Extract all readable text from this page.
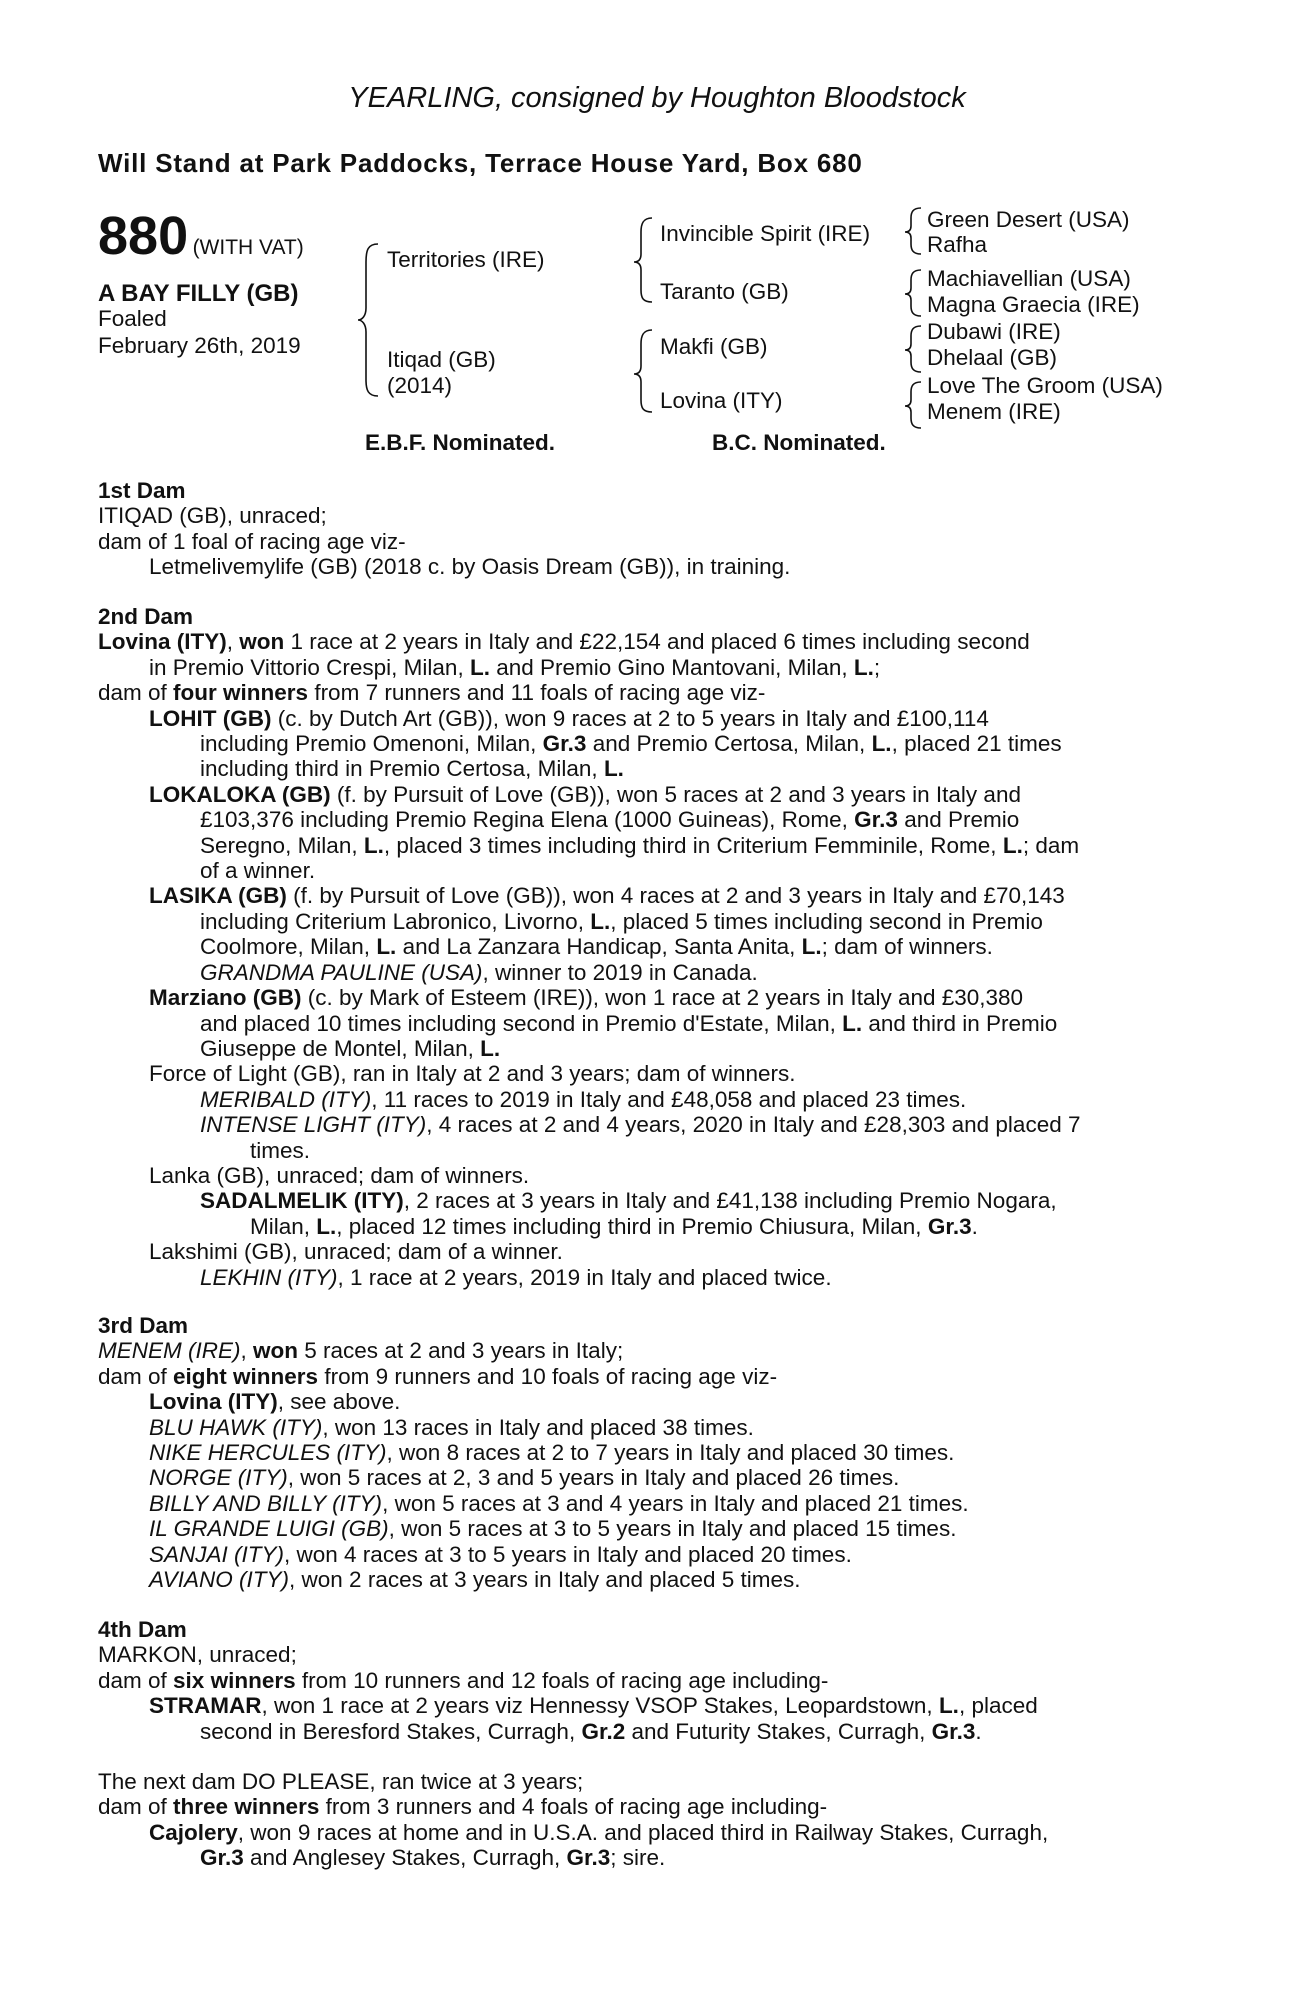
YEARLING, consigned by Houghton Bloodstock
Will Stand at Park Paddocks, Terrace House Yard, Box 680
880 (WITH VAT)
A BAY FILLY (GB)
Foaled
February 26th, 2019
Territories (IRE)
Itiqad (GB)
(2014)
Invincible Spirit (IRE)
Taranto (GB)
Makfi (GB)
Lovina (ITY)
Green Desert (USA)
Rafha
Machiavellian (USA)
Magna Graecia (IRE)
Dubawi (IRE)
Dhelaal (GB)
Love The Groom (USA)
Menem (IRE)
E.B.F. Nominated.	B.C. Nominated.
1st Dam
ITIQAD (GB), unraced;
dam of 1 foal of racing age viz-
Letmelivemylife (GB) (2018 c. by Oasis Dream (GB)), in training.
2nd Dam
Lovina (ITY), won 1 race at 2 years in Italy and £22,154 and placed 6 times including second
in Premio Vittorio Crespi, Milan, L. and Premio Gino Mantovani, Milan, L.;
dam of four winners from 7 runners and 11 foals of racing age viz-
LOHIT (GB) (c. by Dutch Art (GB)), won 9 races at 2 to 5 years in Italy and £100,114
including Premio Omenoni, Milan, Gr.3 and Premio Certosa, Milan, L., placed 21 times
including third in Premio Certosa, Milan, L.
LOKALOKA (GB) (f. by Pursuit of Love (GB)), won 5 races at 2 and 3 years in Italy and
£103,376 including Premio Regina Elena (1000 Guineas), Rome, Gr.3 and Premio
Seregno, Milan, L., placed 3 times including third in Criterium Femminile, Rome, L.; dam
of a winner.
LASIKA (GB) (f. by Pursuit of Love (GB)), won 4 races at 2 and 3 years in Italy and £70,143
including Criterium Labronico, Livorno, L., placed 5 times including second in Premio
Coolmore, Milan, L. and La Zanzara Handicap, Santa Anita, L.; dam of winners.
GRANDMA PAULINE (USA), winner to 2019 in Canada.
Marziano (GB) (c. by Mark of Esteem (IRE)), won 1 race at 2 years in Italy and £30,380
and placed 10 times including second in Premio d'Estate, Milan, L. and third in Premio
Giuseppe de Montel, Milan, L.
Force of Light (GB), ran in Italy at 2 and 3 years; dam of winners.
MERIBALD (ITY), 11 races to 2019 in Italy and £48,058 and placed 23 times.
INTENSE LIGHT (ITY), 4 races at 2 and 4 years, 2020 in Italy and £28,303 and placed 7
times.
Lanka (GB), unraced; dam of winners.
SADALMELIK (ITY), 2 races at 3 years in Italy and £41,138 including Premio Nogara,
Milan, L., placed 12 times including third in Premio Chiusura, Milan, Gr.3.
Lakshimi (GB), unraced; dam of a winner.
LEKHIN (ITY), 1 race at 2 years, 2019 in Italy and placed twice.
3rd Dam
MENEM (IRE), won 5 races at 2 and 3 years in Italy;
dam of eight winners from 9 runners and 10 foals of racing age viz-
Lovina (ITY), see above.
BLU HAWK (ITY), won 13 races in Italy and placed 38 times.
NIKE HERCULES (ITY), won 8 races at 2 to 7 years in Italy and placed 30 times.
NORGE (ITY), won 5 races at 2, 3 and 5 years in Italy and placed 26 times.
BILLY AND BILLY (ITY), won 5 races at 3 and 4 years in Italy and placed 21 times.
IL GRANDE LUIGI (GB), won 5 races at 3 to 5 years in Italy and placed 15 times.
SANJAI (ITY), won 4 races at 3 to 5 years in Italy and placed 20 times.
AVIANO (ITY), won 2 races at 3 years in Italy and placed 5 times.
4th Dam
MARKON, unraced;
dam of six winners from 10 runners and 12 foals of racing age including-
STRAMAR, won 1 race at 2 years viz Hennessy VSOP Stakes, Leopardstown, L., placed
second in Beresford Stakes, Curragh, Gr.2 and Futurity Stakes, Curragh, Gr.3.
The next dam DO PLEASE, ran twice at 3 years;
dam of three winners from 3 runners and 4 foals of racing age including-
Cajolery, won 9 races at home and in U.S.A. and placed third in Railway Stakes, Curragh,
Gr.3 and Anglesey Stakes, Curragh, Gr.3; sire.
